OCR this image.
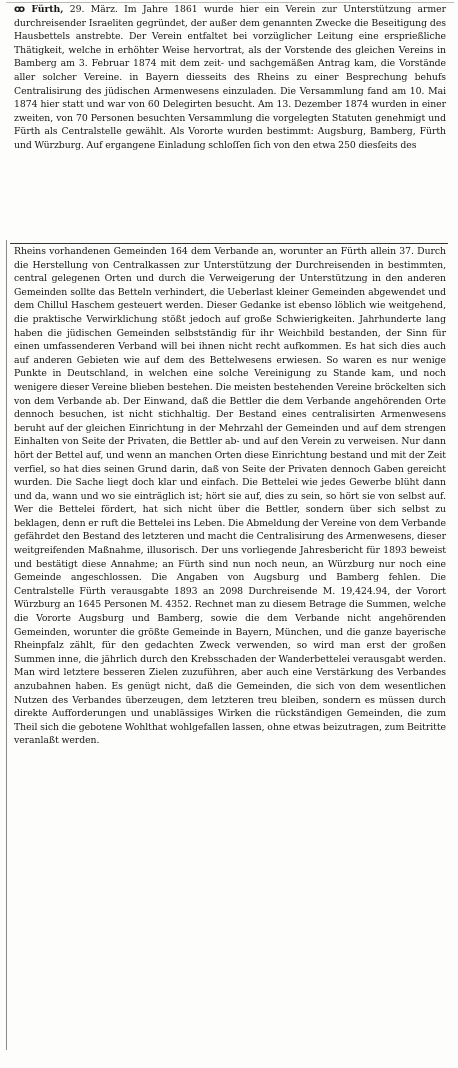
ꝏ Fürth, 29. März. Im Jahre 1861 wurde hier ein Verein zur Unterstützung armer durchreisender Israeliten gegründet, der außer dem genannten Zwecke die Beseitigung des Hausbettels anstrebte. Der Verein entfaltet bei vorzüglicher Leitung eine ersprießliche Thätigkeit, welche in erhöhter Weise hervortrat, als der Vorstende des gleichen Vereins in Bamberg am 3. Februar 1874 mit dem zeit- und sachgemäßen Antrag kam, die Vorstände aller solcher Vereine. in Bayern diesseits des Rheins zu einer Besprechung behufs Centralisirung des jüdischen Armenwesens einzuladen. Die Versammlung fand am 10. Mai 1874 hier statt und war von 60 Delegirten besucht. Am 13. Dezember 1874 wurden in einer zweiten, von 70 Personen besuchten Versammlung die vorgelegten Statuten genehmigt und Fürth als Centralstelle gewählt. Als Vororte wurden bestimmt: Augsburg, Bamberg, Fürth und Würzburg. Auf ergangene Einladung schloſſen ſich von den etwa 250 diesſeits des
Rheins vorhandenen Gemeinden 164 dem Verbande an, worunter an Fürth allein 37. Durch die Herstellung von Centralkassen zur Unterstützung der Durchreisenden in bestimmten, central gelegenen Orten und durch die Verweigerung der Unterstützung in den anderen Gemeinden sollte das Betteln verhindert, die Ueberlast kleiner Gemeinden abgewendet und dem Chillul Haschem gesteuert werden. Dieser Gedanke ist ebenso löblich wie weitgehend, die praktische Verwirklichung stößt jedoch auf große Schwierigkeiten. Jahrhunderte lang haben die jüdischen Gemeinden selbstständig für ihr Weichbild bestanden, der Sinn für einen umfassenderen Verband will bei ihnen nicht recht aufkommen. Es hat sich dies auch auf anderen Gebieten wie auf dem des Bettelwesens erwiesen. So waren es nur wenige Punkte in Deutschland, in welchen eine solche Vereinigung zu Stande kam, und noch wenigere dieser Vereine blieben bestehen. Die meisten bestehenden Vereine bröckelten sich von dem Verbande ab. Der Einwand, daß die Bettler die dem Verbande angehörenden Orte dennoch besuchen, ist nicht stichhaltig. Der Bestand eines centralisirten Armenwesens beruht auf der gleichen Einrichtung in der Mehrzahl der Gemeinden und auf dem strengen Einhalten von Seite der Privaten, die Bettler ab- und auf den Verein zu verweisen. Nur dann hört der Bettel auf, und wenn an manchen Orten diese Einrichtung bestand und mit der Zeit verfiel, so hat dies seinen Grund darin, daß von Seite der Privaten dennoch Gaben gereicht wurden. Die Sache liegt doch klar und einfach. Die Bettelei wie jedes Gewerbe blüht dann und da, wann und wo sie einträglich ist; hört sie auf, dies zu sein, so hört sie von selbst auf. Wer die Bettelei fördert, hat sich nicht über die Bettler, sondern über sich selbst zu beklagen, denn er ruft die Bettelei ins Leben. Die Abmeldung der Vereine von dem Verbande gefährdet den Bestand des letzteren und macht die Centralisirung des Armenwesens, dieser weitgreifenden Maßnahme, illusorisch. Der uns vorliegende Jahresbericht für 1893 beweist und bestätigt diese Annahme; an Fürth sind nun noch neun, an Würzburg nur noch eine Gemeinde angeschlossen. Die Angaben von Augsburg und Bamberg fehlen. Die Centralstelle Fürth verausgabte 1893 an 2098 Durchreisende M. 19,424.94, der Vorort Würzburg an 1645 Personen M. 4352. Rechnet man zu diesem Betrage die Summen, welche die Vororte Augsburg und Bamberg, sowie die dem Verbande nicht angehörenden Gemeinden, worunter die größte Gemeinde in Bayern, München, und die ganze bayerische Rheinpfalz zählt, für den gedachten Zweck verwenden, so wird man erst der großen Summen inne, die jährlich durch den Krebsschaden der Wanderbettelei verausgabt werden. Man wird letztere besseren Zielen zuzuführen, aber auch eine Verstärkung des Verbandes anzubahnen haben. Es genügt nicht, daß die Gemeinden, die sich von dem wesentlichen Nutzen des Verbandes überzeugen, dem letzteren treu bleiben, sondern es müssen durch direkte Aufforderungen und unablässiges Wirken die rückständigen Gemeinden, die zum Theil sich die gebotene Wohlthat wohlgefallen lassen, ohne etwas beizutragen, zum Beitritte veranlaßt werden.
